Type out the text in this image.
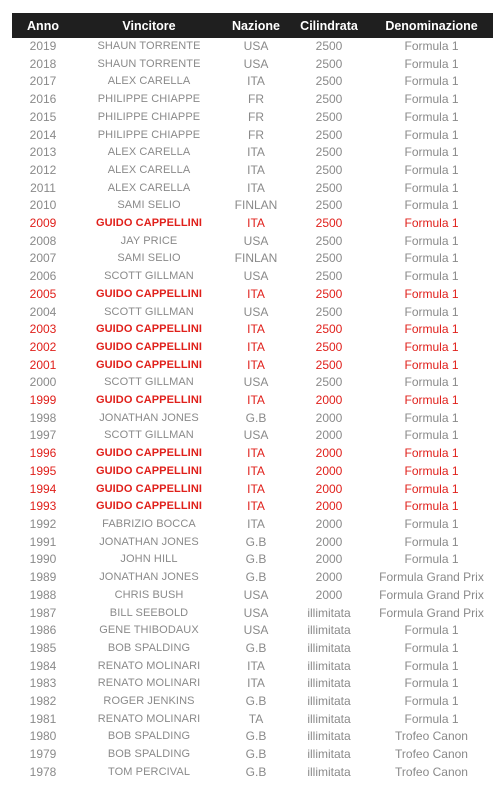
Anno	Vincitore	Nazione	Cilindrata	Denominazione
2019	SHAUN TORRENTE	USA	2500	Formula 1
2018	SHAUN TORRENTE	USA	2500	Formula 1
2017	ALEX CARELLA	ITA	2500	Formula 1
2016	PHILIPPE CHIAPPE	FR	2500	Formula 1
2015	PHILIPPE CHIAPPE	FR	2500	Formula 1
2014	PHILIPPE CHIAPPE	FR	2500	Formula 1
2013	ALEX CARELLA	ITA	2500	Formula 1
2012	ALEX CARELLA	ITA	2500	Formula 1
2011	ALEX CARELLA	ITA	2500	Formula 1
2010	SAMI SELIO	FINLAN	2500	Formula 1
2009	GUIDO CAPPELLINI	ITA	2500	Formula 1
2008	JAY PRICE	USA	2500	Formula 1
2007	SAMI SELIO	FINLAN	2500	Formula 1
2006	SCOTT GILLMAN	USA	2500	Formula 1
2005	GUIDO CAPPELLINI	ITA	2500	Formula 1
2004	SCOTT GILLMAN	USA	2500	Formula 1
2003	GUIDO CAPPELLINI	ITA	2500	Formula 1
2002	GUIDO CAPPELLINI	ITA	2500	Formula 1
2001	GUIDO CAPPELLINI	ITA	2500	Formula 1
2000	SCOTT GILLMAN	USA	2500	Formula 1
1999	GUIDO CAPPELLINI	ITA	2000	Formula 1
1998	JONATHAN JONES	G.B	2000	Formula 1
1997	SCOTT GILLMAN	USA	2000	Formula 1
1996	GUIDO CAPPELLINI	ITA	2000	Formula 1
1995	GUIDO CAPPELLINI	ITA	2000	Formula 1
1994	GUIDO CAPPELLINI	ITA	2000	Formula 1
1993	GUIDO CAPPELLINI	ITA	2000	Formula 1
1992	FABRIZIO BOCCA	ITA	2000	Formula 1
1991	JONATHAN JONES	G.B	2000	Formula 1
1990	JOHN HILL	G.B	2000	Formula 1
1989	JONATHAN JONES	G.B	2000	Formula Grand Prix
1988	CHRIS BUSH	USA	2000	Formula Grand Prix
1987	BILL SEEBOLD	USA	illimitata	Formula Grand Prix
1986	GENE THIBODAUX	USA	illimitata	Formula 1
1985	BOB SPALDING	G.B	illimitata	Formula 1
1984	RENATO MOLINARI	ITA	illimitata	Formula 1
1983	RENATO MOLINARI	ITA	illimitata	Formula 1
1982	ROGER JENKINS	G.B	illimitata	Formula 1
1981	RENATO MOLINARI	TA	illimitata	Formula 1
1980	BOB SPALDING	G.B	illimitata	Trofeo Canon
1979	BOB SPALDING	G.B	illimitata	Trofeo Canon
1978	TOM PERCIVAL	G.B	illimitata	Trofeo Canon
